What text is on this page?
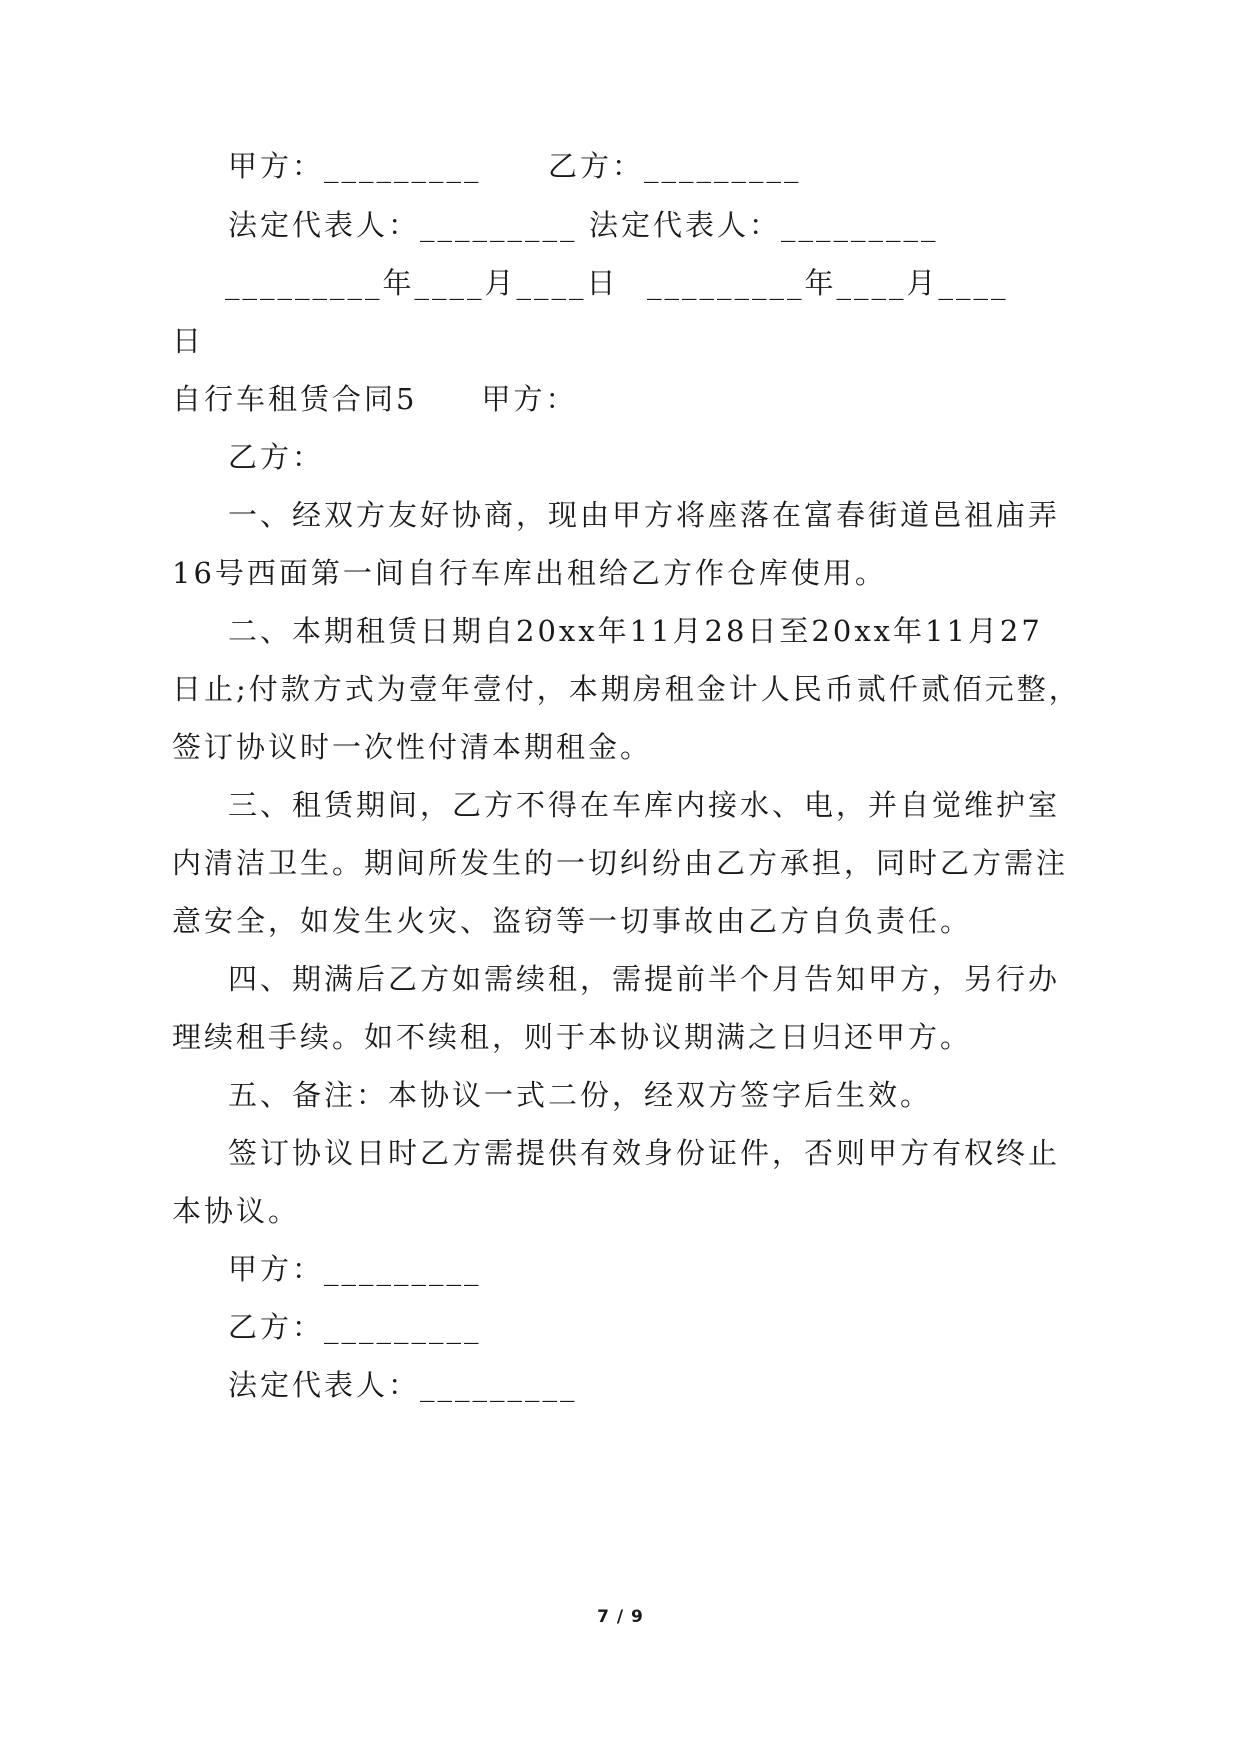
甲方：_________ 乙方：_________
法定代表人：_________ 法定代表人：_________
_________年____月____日 _________年____月____
日
自行车租赁合同5　　甲方：
乙方：
一、经双方友好协商，现由甲方将座落在富春街道邑祖庙弄
16号西面第一间自行车库出租给乙方作仓库使用。
二、本期租赁日期自20xx年11月28日至20xx年11月27
日止;付款方式为壹年壹付，本期房租金计人民币贰仟贰佰元整，
签订协议时一次性付清本期租金。
三、租赁期间，乙方不得在车库内接水、电，并自觉维护室
内清洁卫生。期间所发生的一切纠纷由乙方承担，同时乙方需注
意安全，如发生火灾、盗窃等一切事故由乙方自负责任。
四、期满后乙方如需续租，需提前半个月告知甲方，另行办
理续租手续。如不续租，则于本协议期满之日归还甲方。
五、备注：本协议一式二份，经双方签字后生效。
签订协议日时乙方需提供有效身份证件，否则甲方有权终止
本协议。
甲方：_________
乙方：_________
法定代表人：_________
7 / 9
